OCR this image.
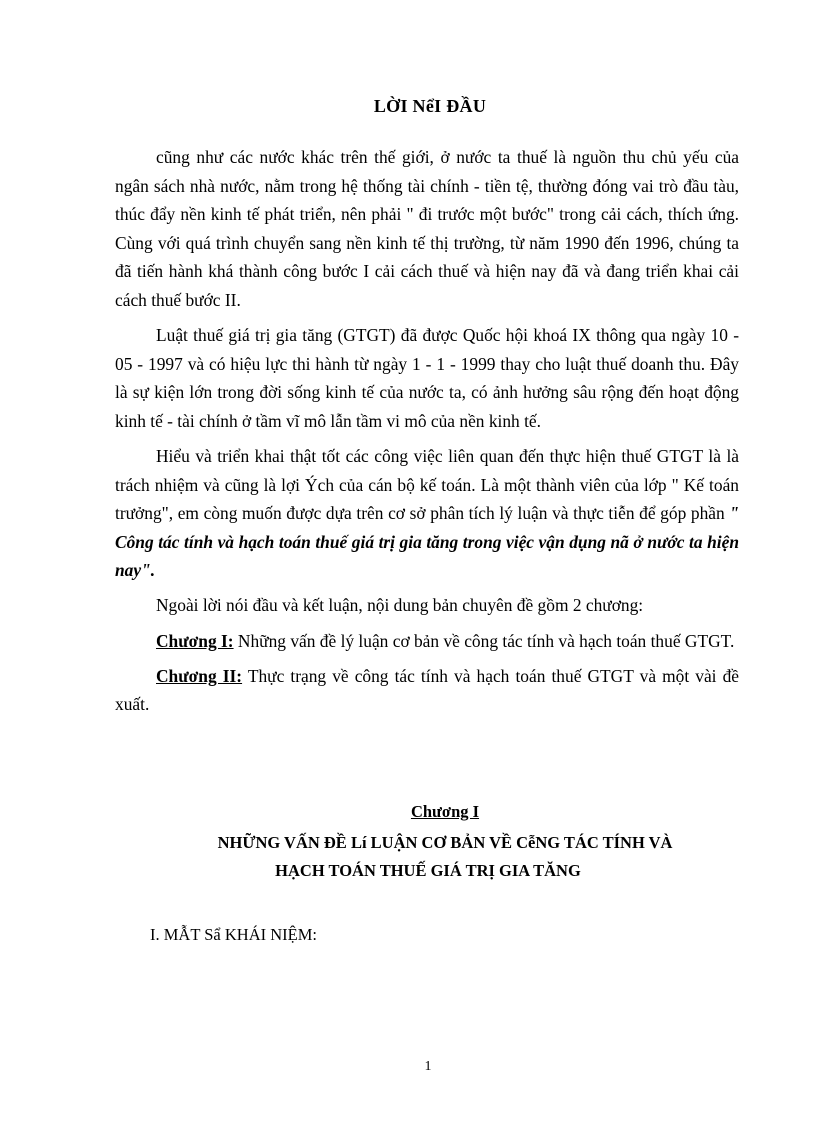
LỜI NểI ĐẦU

cũng như các nước khác trên thế giới, ở nước ta thuế là nguồn thu chủ yếu của ngân sách nhà nước, nằm trong hệ thống tài chính - tiền tệ, thường đóng vai trò đầu tàu, thúc đẩy nền kinh tế phát triển, nên phải " đi trước một bước" trong cải cách, thích ứng. Cùng với quá trình chuyển sang nền kinh tế thị trường, từ năm 1990 đến 1996, chúng ta đã tiến hành khá thành công bước I cải cách thuế và hiện nay đã và đang triển khai cải cách thuế bước II.

Luật thuế giá trị gia tăng (GTGT) đã được Quốc hội khoá IX thông qua ngày 10 - 05 - 1997 và có hiệu lực thi hành từ ngày 1 - 1 - 1999 thay cho luật thuế doanh thu. Đây là sự kiện lớn trong đời sống kinh tế của nước ta, có ảnh hưởng sâu rộng đến hoạt động kinh tế - tài chính ở tầm vĩ mô lẫn tầm vi mô của nền kinh tế.

Hiểu và triển khai thật tốt các công việc liên quan đến thực hiện thuế GTGT là là trách nhiệm và cũng là lợi Ých của cán bộ kế toán. Là một thành viên của lớp " Kế toán trưởng", em còng muốn được dựa trên cơ sở phân tích lý luận và thực tiễn để góp phần " Công tác tính và hạch toán thuế giá trị gia tăng trong việc vận dụng nã ở nước ta hiện nay".

Ngoài lời nói đầu và kết luận, nội dung bản chuyên đề gồm 2 chương:

Chương I: Những vấn đề lý luận cơ bản về công tác tính và hạch toán thuế GTGT.

Chương II: Thực trạng về công tác tính và hạch toán thuế GTGT và một vài đề xuất.

Chương I
NHỮNG VẤN ĐỀ Lí LUẬN CƠ BẢN VỀ CễNG TÁC TÍNH VÀ
HẠCH TOÁN THUẾ GIÁ TRỊ GIA TĂNG
I. MẪT Sẩ KHÁI NIỆM:
1
